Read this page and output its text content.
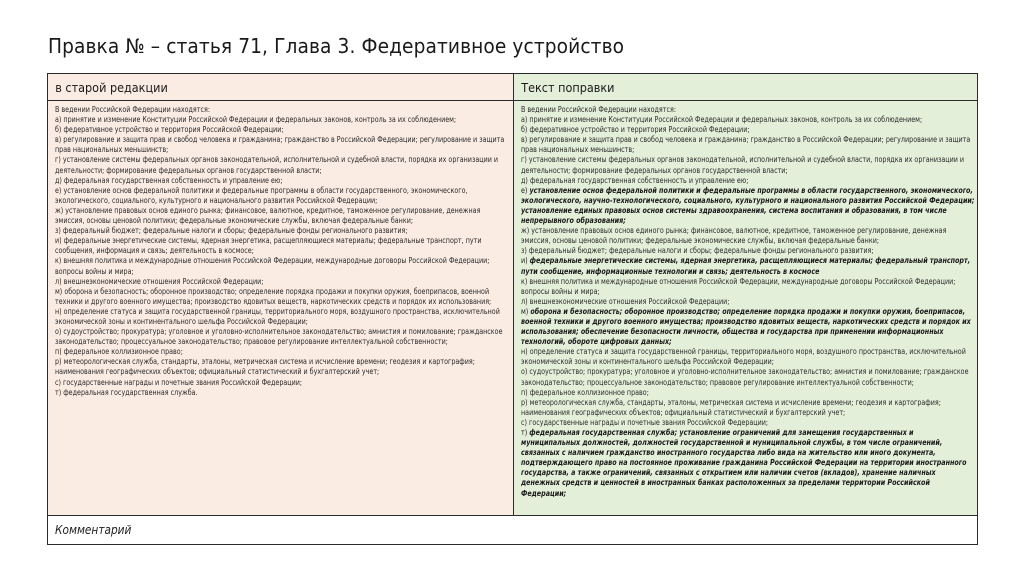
Правка № – статья 71, Глава 3. Федеративное устройство
в старой редакции	Текст поправки
В ведении Российской Федерации находятся:
а) принятие и изменение Конституции Российской Федерации и федеральных законов, контроль за их соблюдением;
б) федеративное устройство и территория Российской Федерации;
в) регулирование и защита прав и свобод человека и гражданина; гражданство в Российской Федерации; регулирование и защита прав национальных меньшинств;
г) установление системы федеральных органов законодательной, исполнительной и судебной власти, порядка их организации и деятельности; формирование федеральных органов государственной власти;
д) федеральная государственная собственность и управление ею;
е) установление основ федеральной политики и федеральные программы в области государственного, экономического, экологического, социального, культурного и национального развития Российской Федерации;
ж) установление правовых основ единого рынка; финансовое, валютное, кредитное, таможенное регулирование, денежная эмиссия, основы ценовой политики; федеральные экономические службы, включая федеральные банки;
з) федеральный бюджет; федеральные налоги и сборы; федеральные фонды регионального развития;
и) федеральные энергетические системы, ядерная энергетика, расщепляющиеся материалы; федеральные транспорт, пути сообщения, информация и связь; деятельность в космосе;
к) внешняя политика и международные отношения Российской Федерации, международные договоры Российской Федерации; вопросы войны и мира;
л) внешнеэкономические отношения Российской Федерации;
м) оборона и безопасность; оборонное производство; определение порядка продажи и покупки оружия, боеприпасов, военной техники и другого военного имущества; производство ядовитых веществ, наркотических средств и порядок их использования;
н) определение статуса и защита государственной границы, территориального моря, воздушного пространства, исключительной экономической зоны и континентального шельфа Российской Федерации;
о) судоустройство; прокуратура; уголовное и уголовно-исполнительное законодательство; амнистия и помилование; гражданское законодательство; процессуальное законодательство; правовое регулирование интеллектуальной собственности;
п) федеральное коллизионное право;
р) метеорологическая служба, стандарты, эталоны, метрическая система и исчисление времени; геодезия и картография; наименования географических объектов; официальный статистический и бухгалтерский учет;
с) государственные награды и почетные звания Российской Федерации;
т) федеральная государственная служба.
В ведении Российской Федерации находятся:
а) принятие и изменение Конституции Российской Федерации и федеральных законов, контроль за их соблюдением;
б) федеративное устройство и территория Российской Федерации;
в) регулирование и защита прав и свобод человека и гражданина; гражданство в Российской Федерации; регулирование и защита прав национальных меньшинств;
г) установление системы федеральных органов законодательной, исполнительной и судебной власти, порядка их организации и деятельности; формирование федеральных органов государственной власти;
д) федеральная государственная собственность и управление ею;
е) установление основ федеральной политики и федеральные программы в области государственного, экономического, экологического, научно-технологического, социального, культурного и национального развития Российской Федерации; установление единых правовых основ системы здравоохранения, система воспитания и образования, в том числе непрерывного образования;
ж) установление правовых основ единого рынка; финансовое, валютное, кредитное, таможенное регулирование, денежная эмиссия, основы ценовой политики; федеральные экономические службы, включая федеральные банки;
з) федеральный бюджет; федеральные налоги и сборы; федеральные фонды регионального развития;
и) федеральные энергетические системы, ядерная энергетика, расщепляющиеся материалы; федеральный транспорт, пути сообщение, информационные технологии и связь; деятельность в космосе
к) внешняя политика и международные отношения Российской Федерации, международные договоры Российской Федерации; вопросы войны и мира;
л) внешнеэкономические отношения Российской Федерации;
м) оборона и безопасность; оборонное производство; определение порядка продажи и покупки оружия, боеприпасов, военной техники и другого военного имущества; производство ядовитых веществ, наркотических средств и порядок их использования; обеспечение безопасности личности, общества и государства при применении информационных технологий, обороте цифровых данных;
н) определение статуса и защита государственной границы, территориального моря, воздушного пространства, исключительной экономической зоны и континентального шельфа Российской Федерации;
о) судоустройство; прокуратура; уголовное и уголовно-исполнительное законодательство; амнистия и помилование; гражданское законодательство; процессуальное законодательство; правовое регулирование интеллектуальной собственности;
п) федеральное коллизионное право;
р) метеорологическая служба, стандарты, эталоны, метрическая система и исчисление времени; геодезия и картография; наименования географических объектов; официальный статистический и бухгалтерский учет;
с) государственные награды и почетные звания Российской Федерации;
т) федеральная государственная служба; установление ограничений для замещения государственных и муниципальных должностей, должностей государственной и муниципальной службы, в том числе ограничений, связанных с наличием гражданство иностранного государства либо вида на жительство или иного документа, подтверждающего право на постоянное проживание гражданина Российской Федерации на территории иностранного государства, а также ограничений, связанных с открытием или наличии счетов (вкладов), хранение наличных денежных средств и ценностей в иностранных банках расположенных за пределами территории Российской Федерации;
Комментарий
